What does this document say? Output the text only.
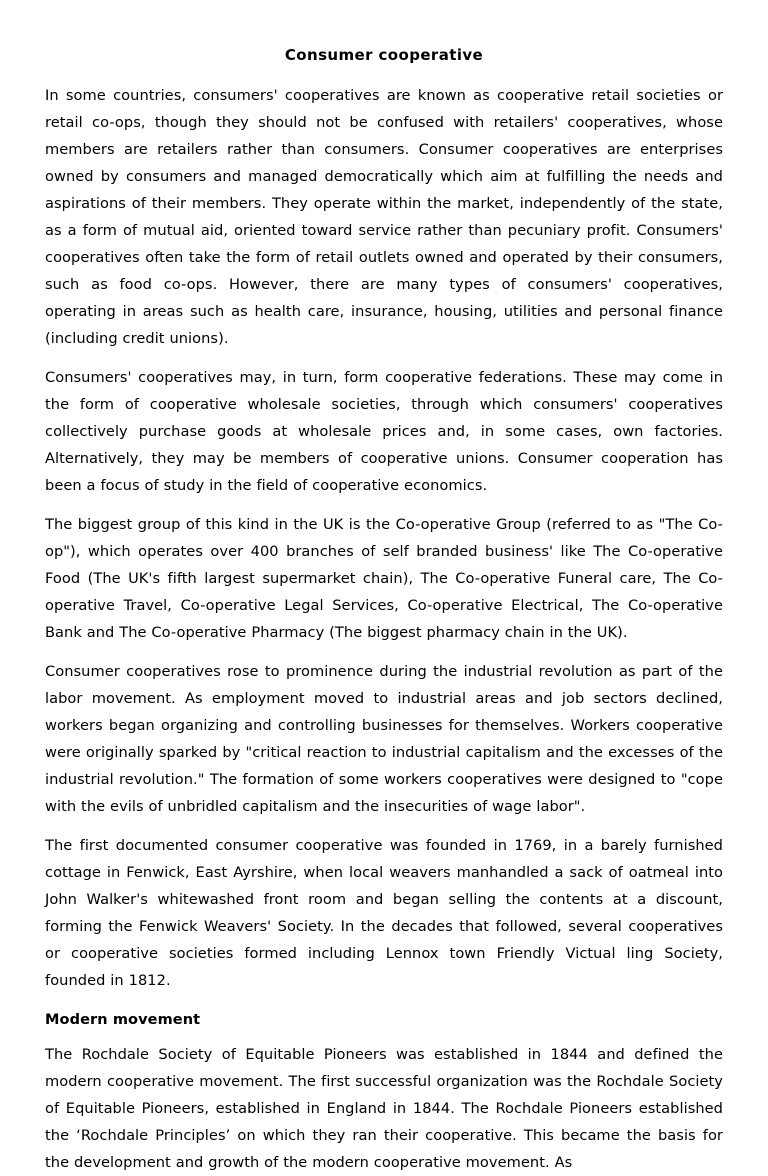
Consumer cooperative

In some countries, consumers' cooperatives are known as cooperative retail societies or retail co-ops, though they should not be confused with retailers' cooperatives, whose members are retailers rather than consumers. Consumer cooperatives are enterprises owned by consumers and managed democratically which aim at fulfilling the needs and aspirations of their members. They operate within the market, independently of the state, as a form of mutual aid, oriented toward service rather than pecuniary profit. Consumers' cooperatives often take the form of retail outlets owned and operated by their consumers, such as food co-ops. However, there are many types of consumers' cooperatives, operating in areas such as health care, insurance, housing, utilities and personal finance (including credit unions).

Consumers' cooperatives may, in turn, form cooperative federations. These may come in the form of cooperative wholesale societies, through which consumers' cooperatives collectively purchase goods at wholesale prices and, in some cases, own factories. Alternatively, they may be members of cooperative unions. Consumer cooperation has been a focus of study in the field of cooperative economics.

The biggest group of this kind in the UK is the Co-operative Group (referred to as "The Co-op"), which operates over 400 branches of self branded business' like The Co-operative Food (The UK's fifth largest supermarket chain), The Co-operative Funeral care, The Co-operative Travel, Co-operative Legal Services, Co-operative Electrical, The Co-operative Bank and The Co-operative Pharmacy (The biggest pharmacy chain in the UK).

Consumer cooperatives rose to prominence during the industrial revolution as part of the labor movement. As employment moved to industrial areas and job sectors declined, workers began organizing and controlling businesses for themselves. Workers cooperative were originally sparked by "critical reaction to industrial capitalism and the excesses of the industrial revolution." The formation of some workers cooperatives were designed to "cope with the evils of unbridled capitalism and the insecurities of wage labor".

The first documented consumer cooperative was founded in 1769, in a barely furnished cottage in Fenwick, East Ayrshire, when local weavers manhandled a sack of oatmeal into John Walker's whitewashed front room and began selling the contents at a discount, forming the Fenwick Weavers' Society. In the decades that followed, several cooperatives or cooperative societies formed including Lennox town Friendly Victual ling Society, founded in 1812.

Modern movement

The Rochdale Society of Equitable Pioneers was established in 1844 and defined the modern cooperative movement. The first successful organization was the Rochdale Society of Equitable Pioneers, established in England in 1844. The Rochdale Pioneers established the ‘Rochdale Principles’ on which they ran their cooperative. This became the basis for the development and growth of the modern cooperative movement. As
